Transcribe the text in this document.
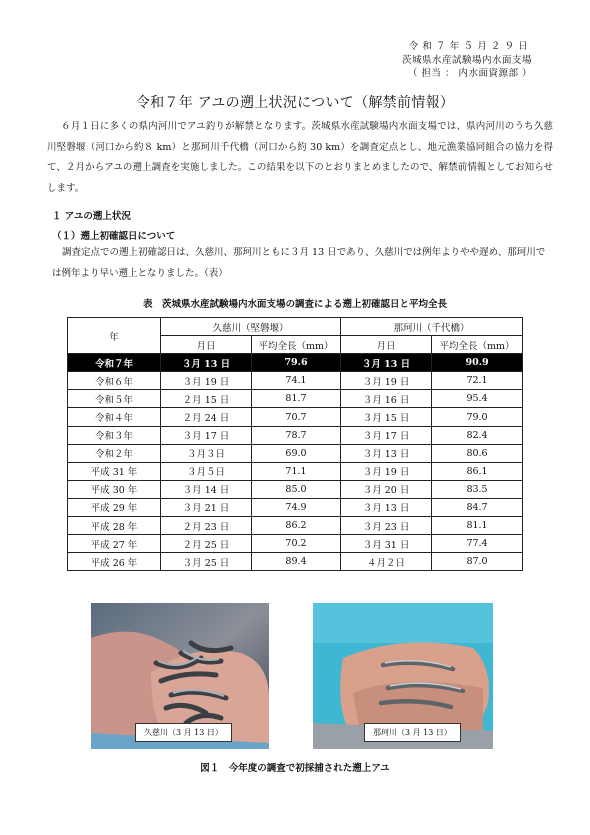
令和７年５月２９日
茨城県水産試験場内水面支場
（ 担当 ： 内水面資源部 ）
令和７年 アユの遡上状況について（解禁前情報）
６月１日に多くの県内河川でアユ釣りが解禁となります。茨城県水産試験場内水面支場では、県内河川のうち久慈川堅磐堰（河口から約８ km）と那珂川千代橋（河口から約 30 km）を調査定点とし、地元漁業協同組合の協力を得て、２月からアユの遡上調査を実施しました。この結果を以下のとおりまとめましたので、解禁前情報としてお知らせします。
１ アユの遡上状況
（１）遡上初確認日について
調査定点での遡上初確認日は、久慈川、那珂川ともに３月 13 日であり、久慈川では例年よりやや遅め、那珂川では例年より早い遡上となりました。（表）
表　茨城県水産試験場内水面支場の調査による遡上初確認日と平均全長
年	久慈川（堅磐堰）		那珂川（千代橋）	
	月日	平均全長（mm）	月日	平均全長（mm）
令和７年	３月 13 日	79.6	３月 13 日	90.9
令和６年	３月 19 日	74.1	３月 19 日	72.1
令和５年	２月 15 日	81.7	３月 16 日	95.4
令和４年	２月 24 日	70.7	３月 15 日	79.0
令和３年	３月 17 日	78.7	３月 17 日	82.4
令和２年	３月３日	69.0	３月 13 日	80.6
平成 31 年	３月５日	71.1	３月 19 日	86.1
平成 30 年	３月 14 日	85.0	３月 20 日	83.5
平成 29 年	３月 21 日	74.9	３月 13 日	84.7
平成 28 年	２月 23 日	86.2	３月 23 日	81.1
平成 27 年	２月 25 日	70.2	３月 31 日	77.4
平成 26 年	３月 25 日	89.4	４月２日	87.0
久慈川（3 月 13 日）	那珂川（3 月 13 日）
図１　今年度の調査で初採捕された遡上アユ
